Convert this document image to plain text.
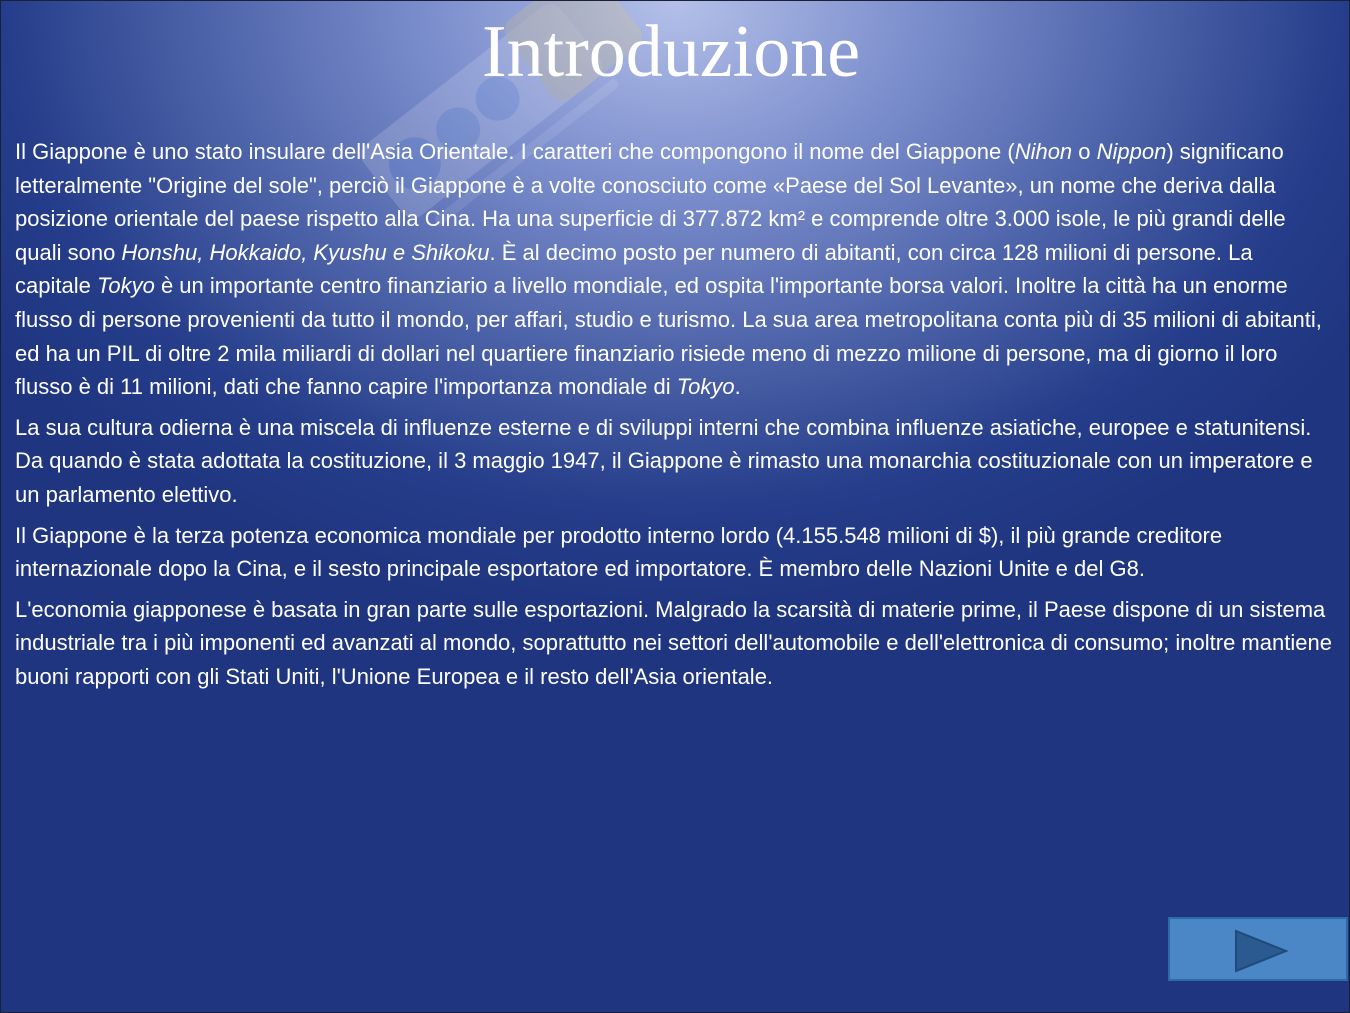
Introduzione

Il Giappone è uno stato insulare dell'Asia Orientale. I caratteri che compongono il nome del Giappone (Nihon o Nippon) significano letteralmente "Origine del sole", perciò il Giappone è a volte conosciuto come «Paese del Sol Levante», un nome che deriva dalla posizione orientale del paese rispetto alla Cina. Ha una superficie di 377.872 km² e comprende oltre 3.000 isole, le più grandi delle quali sono Honshu, Hokkaido, Kyushu e Shikoku. È al decimo posto per numero di abitanti, con circa 128 milioni di persone. La capitale Tokyo è un importante centro finanziario a livello mondiale, ed ospita l'importante borsa valori. Inoltre la città ha un enorme flusso di persone provenienti da tutto il mondo, per affari, studio e turismo. La sua area metropolitana conta più di 35 milioni di abitanti, ed ha un PIL di oltre 2 mila miliardi di dollari nel quartiere finanziario risiede meno di mezzo milione di persone, ma di giorno il loro flusso è di 11 milioni, dati che fanno capire l'importanza mondiale di Tokyo.

La sua cultura odierna è una miscela di influenze esterne e di sviluppi interni che combina influenze asiatiche, europee e statunitensi. Da quando è stata adottata la costituzione, il 3 maggio 1947, il Giappone è rimasto una monarchia costituzionale con un imperatore e un parlamento elettivo.

Il Giappone è la terza potenza economica mondiale per prodotto interno lordo (4.155.548 milioni di $), il più grande creditore internazionale dopo la Cina, e il sesto principale esportatore ed importatore. È membro delle Nazioni Unite e del G8.

L'economia giapponese è basata in gran parte sulle esportazioni. Malgrado la scarsità di materie prime, il Paese dispone di un sistema industriale tra i più imponenti ed avanzati al mondo, soprattutto nei settori dell'automobile e dell'elettronica di consumo; inoltre mantiene buoni rapporti con gli Stati Uniti, l'Unione Europea e il resto dell'Asia orientale.
